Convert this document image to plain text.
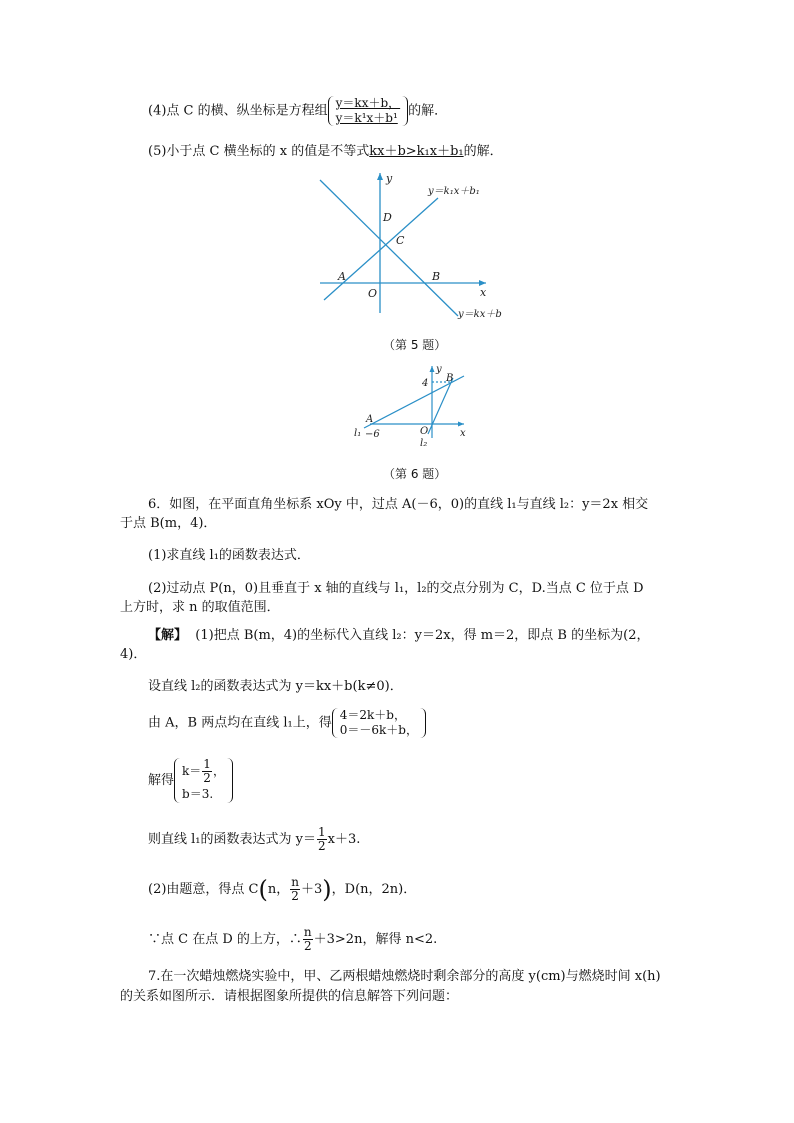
(4)点 C 的横、纵坐标是方程组 $\frac{y=kx+b,}{\text{y＝k¹x＋b¹}}$ 的解．
(5)小于点 C 横坐标的 x 的值是不等式kx＋b>k₁x＋b₁的解．
x
y
O
A	B
C
D
y＝k₁x＋b₁
y＝kx＋b
（第 5 题）
x
y
O
4
−6
A
B
l₁
l₂
（第 6 题）
6．如图，在平面直角坐标系 xOy 中，过点 A(－6，0)的直线 l₁与直线 l₂：y＝2x 相交
于点 B(m，4)．
(1)求直线 l₁的函数表达式．
(2)过动点 P(n，0)且垂直于 x 轴的直线与 l₁，l₂的交点分别为 C，D.当点 C 位于点 D
上方时，求 n 的取值范围．
【解】 (1)把点 B(m，4)的坐标代入直线 l₂：y＝2x，得 m＝2，即点 B 的坐标为(2，
4)．
设直线 l₂的函数表达式为 y＝kx＋b(k≠0)．
由 A，B 两点均在直线 l₁上，得
4＝2k＋b，
0＝－6k＋b，
解得
$k= \frac{1}{2}$ ，
b＝3.
则直线 l₁的函数表达式为 $y= \frac{1}{2} x+3$.
(2)由题意，得点 C(n， $\frac{n}{2} +3$)，D(n，2n)．
∵点 C 在点 D 的上方，∴ $\frac{n}{2} +3>2n$，解得 n<2.
7.在一次蜡烛燃烧实验中，甲、乙两根蜡烛燃烧时剩余部分的高度 y(cm)与燃烧时间 x(h)
的关系如图所示．请根据图象所提供的信息解答下列问题：
